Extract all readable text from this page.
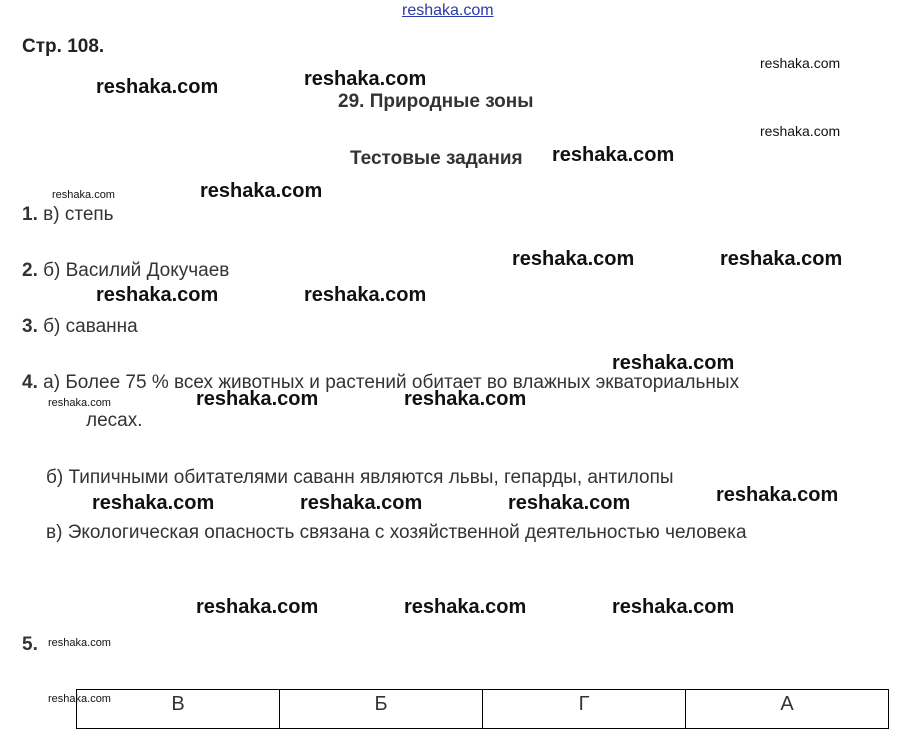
reshaka.com
Стр. 108.
29. Природные зоны
Тестовые задания
1. в) степь
2. б) Василий Докучаев
3. б) саванна
4. а) Более 75 % всех животных и растений обитает во влажных экваториальных
лесах.
б) Типичными обитателями саванн являются львы, гепарды, антилопы
в) Экологическая опасность связана с хозяйственной деятельностью человека
5.
В	Б	Г	А
reshaka.com
reshaka.com	reshaka.com
reshaka.com
reshaka.com
reshaka.com	reshaka.com
reshaka.com	reshaka.com
reshaka.com	reshaka.com
reshaka.com
reshaka.com	reshaka.com	reshaka.com
reshaka.com
reshaka.com	reshaka.com	reshaka.com
reshaka.com	reshaka.com	reshaka.com
reshaka.com
reshaka.com
